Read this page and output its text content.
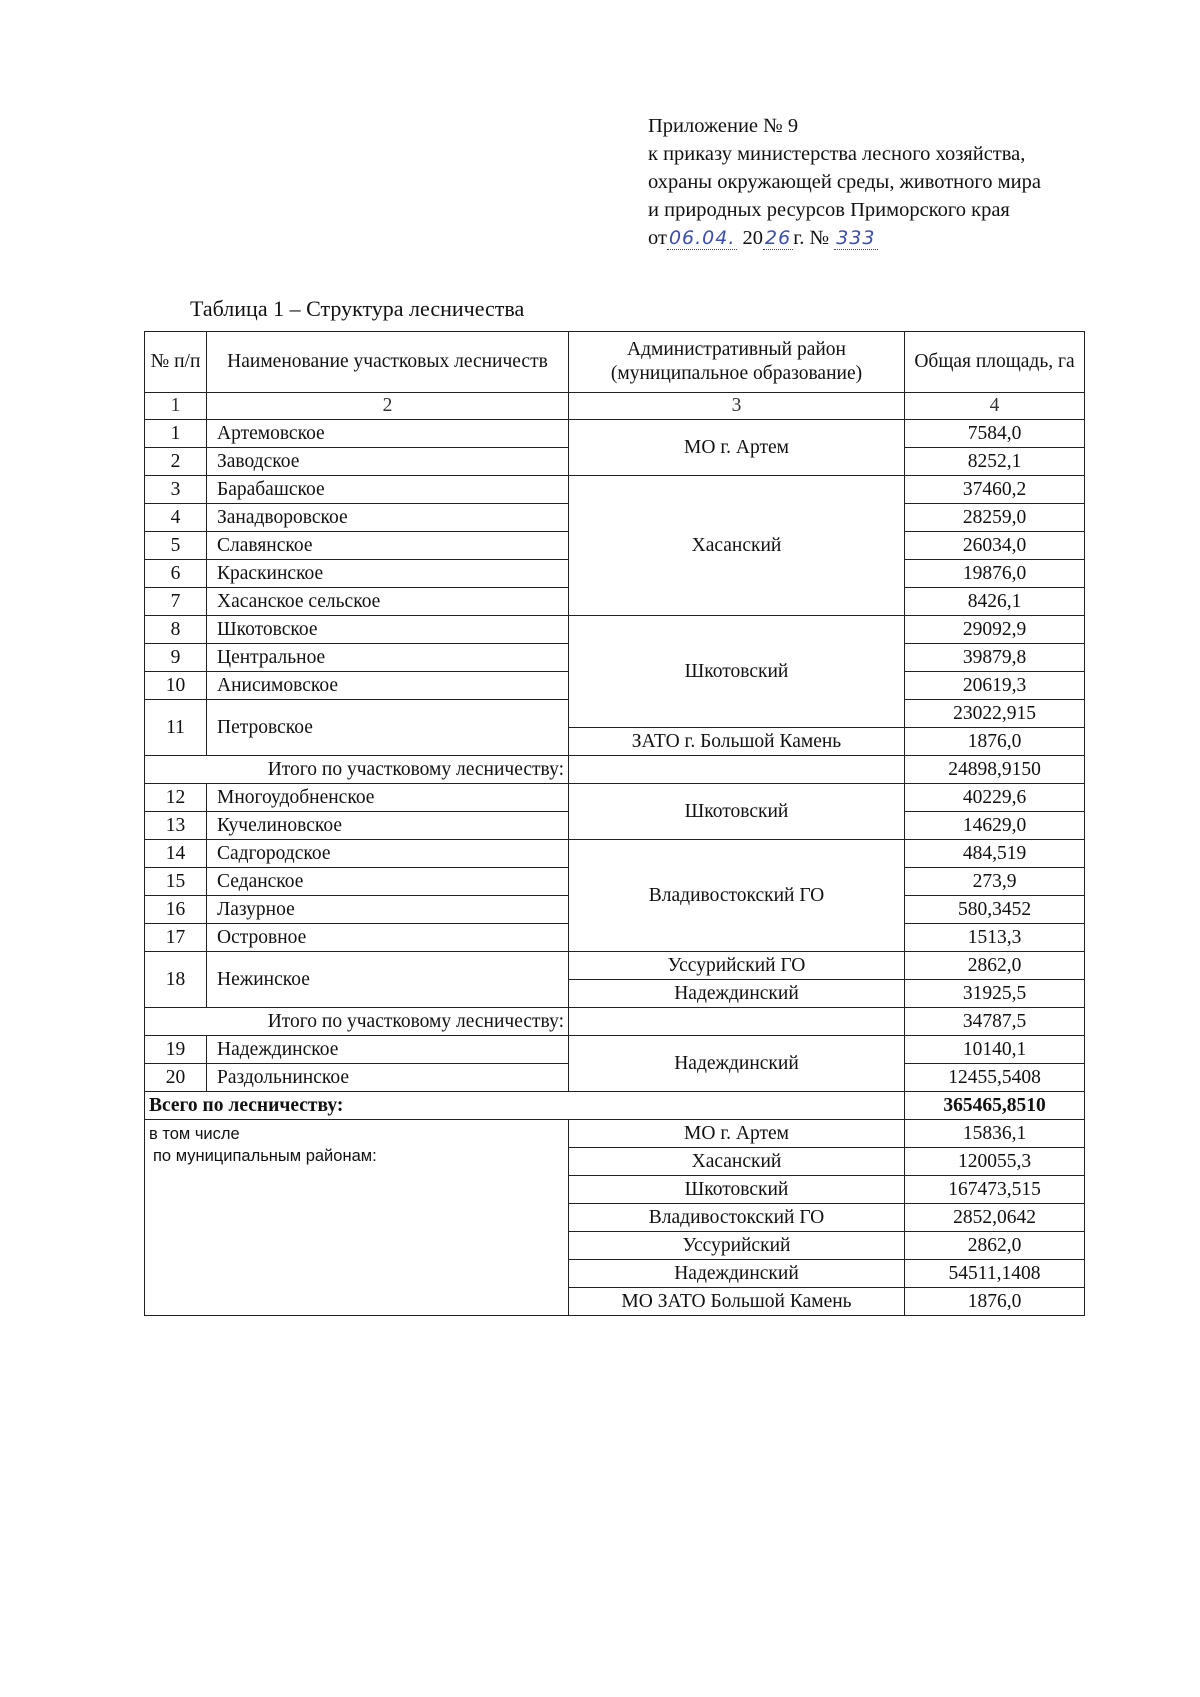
Приложение № 9
к приказу министерства лесного хозяйства,
охраны окружающей среды, животного мира
и природных ресурсов Приморского края
от 06.04. 20 26г. № 333
Таблица 1 – Структура лесничества
№ п/п	Наименование участковых лесничеств	Административный район (муниципальное образование)	Общая площадь, га
1	2	3	4
1	Артемовское	МО г. Артем	7584,0
2	Заводское		8252,1
3	Барабашское	Хасанский	37460,2
4	Занадворовское		28259,0
5	Славянское		26034,0
6	Краскинское		19876,0
7	Хасанское сельское		8426,1
8	Шкотовское	Шкотовский	29092,9
9	Центральное		39879,8
10	Анисимовское		20619,3
11	Петровское		23022,915
		ЗАТО г. Большой Камень	1876,0
Итого по участковому лесничеству:			24898,9150
12	Многоудобненское	Шкотовский	40229,6
13	Кучелиновское		14629,0
14	Садгородское	Владивостокский ГО	484,519
15	Седанское		273,9
16	Лазурное		580,3452
17	Островное		1513,3
18	Нежинское	Уссурийский ГО	2862,0
		Надеждинский	31925,5
Итого по участковому лесничеству:			34787,5
19	Надеждинское	Надеждинский	10140,1
20	Раздольнинское		12455,5408
Всего по лесничеству:			365465,8510

в том числе
по муниципальным районам:		МО г. Артем	15836,1
		Хасанский	120055,3
		Шкотовский	167473,515
		Владивостокский ГО	2852,0642
		Уссурийский	2862,0
		Надеждинский	54511,1408
		МО ЗАТО Большой Камень	1876,0
